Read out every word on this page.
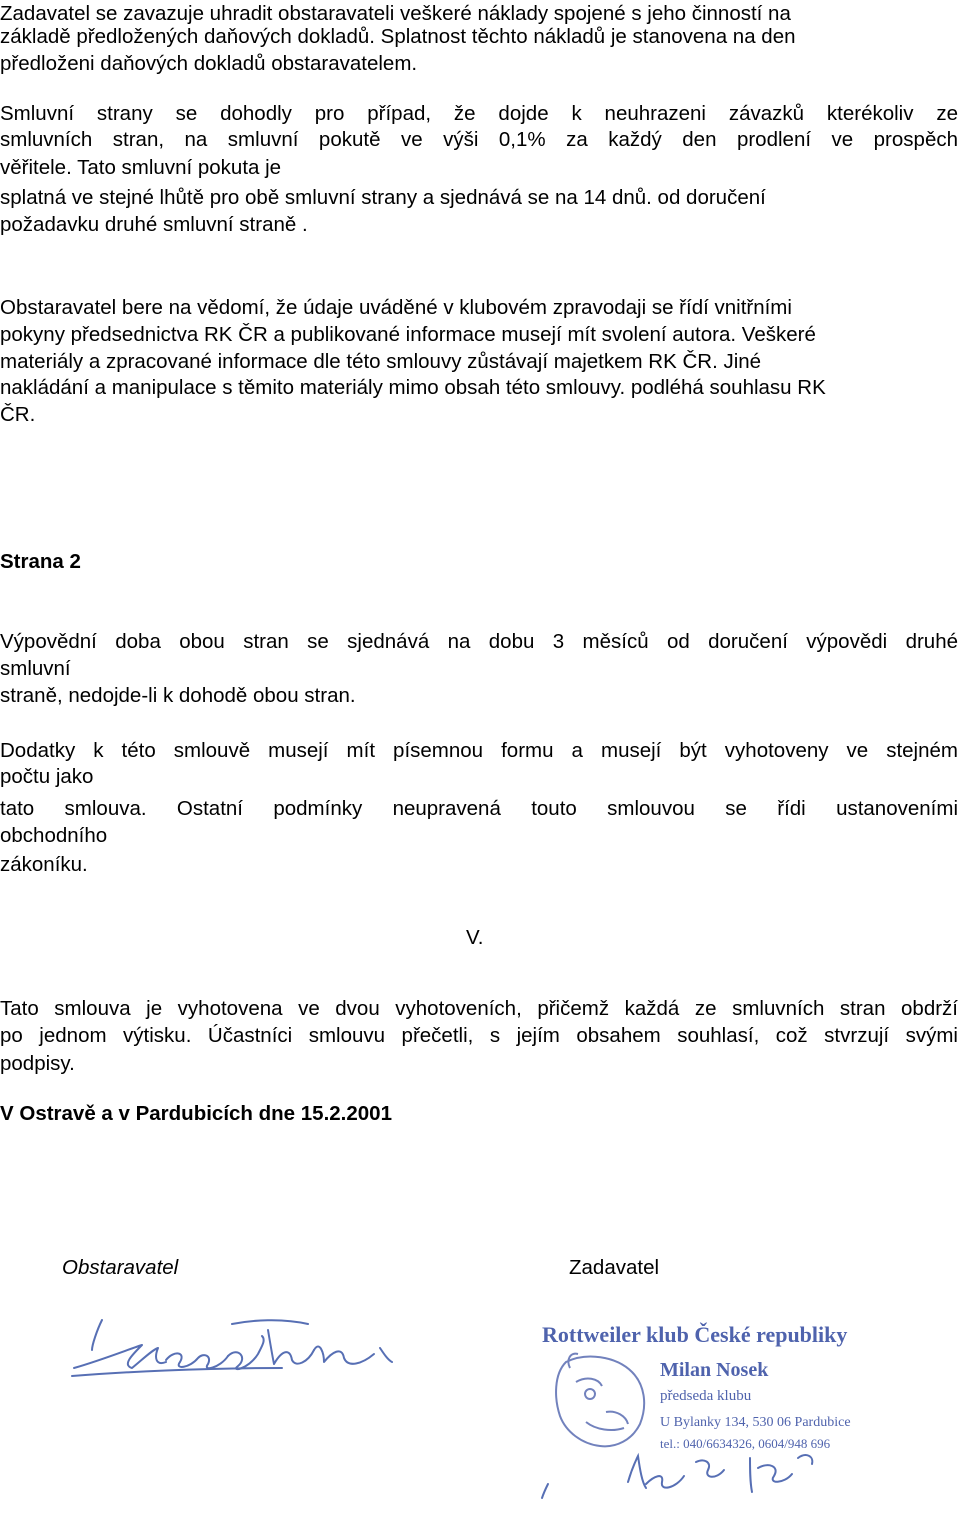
Zadavatel se zavazuje uhradit obstaravateli veškeré náklady spojené s jeho činností na
základě předložených daňových dokladů. Splatnost těchto nákladů je stanovena na den
předloženi daňových dokladů obstaravatelem.
Smluvní strany se dohodly pro případ, že dojde k neuhrazeni závazků kterékoliv ze
smluvních stran, na smluvní pokutě ve výši 0,1% za každý den prodlení ve prospěch
věřitele. Tato smluvní pokuta je
splatná ve stejné lhůtě pro obě smluvní strany a sjednává se na 14 dnů. od doručení
požadavku druhé smluvní straně .
Obstaravatel bere na vědomí, že údaje uváděné v klubovém zpravodaji se řídí vnitřními
pokyny předsednictva RK ČR a publikované informace musejí mít svolení autora. Veškeré
materiály a zpracované informace dle této smlouvy zůstávají majetkem RK ČR. Jiné
nakládání a manipulace s těmito materiály mimo obsah této smlouvy. podléhá souhlasu RK
ČR.
Strana 2
Výpovědní doba obou stran se sjednává na dobu 3 měsíců od doručení výpovědi druhé
smluvní
straně, nedojde-li k dohodě obou stran.
Dodatky k této smlouvě musejí mít písemnou formu a musejí být vyhotoveny ve stejném
počtu jako
tato smlouva. Ostatní podmínky neupravená touto smlouvou se řídi ustanoveními
obchodního
zákoníku.
V.
Tato smlouva je vyhotovena ve dvou vyhotoveních, přičemž každá ze smluvních stran obdrží
po jednom výtisku. Účastníci smlouvu přečetli, s jejím obsahem souhlasí, což stvrzují svými
podpisy.
V Ostravě a v Pardubicích dne 15.2.2001
Obstaravatel	Zadavatel
Rottweiler klub České republiky
Milan Nosek
předseda klubu
U Bylanky 134, 530 06 Pardubice
tel.: 040/6634326, 0604/948 696
